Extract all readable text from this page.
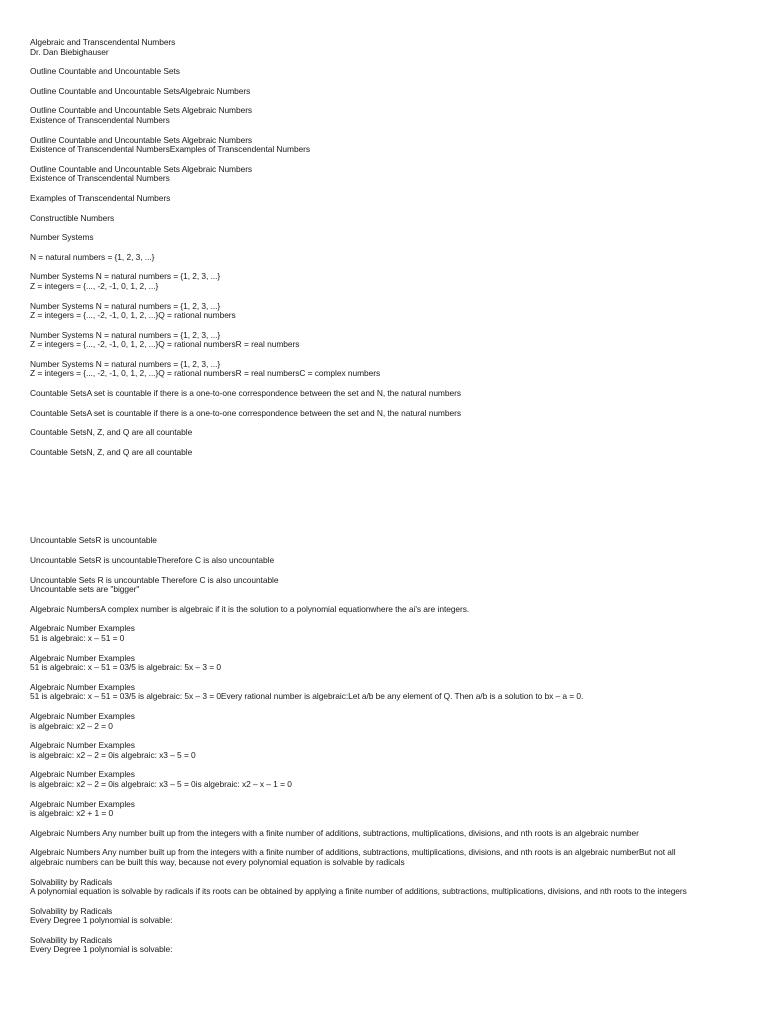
Algebraic and Transcendental Numbers
Dr. Dan Biebighauser
Outline Countable and Uncountable Sets
Outline Countable and Uncountable SetsAlgebraic Numbers
Outline Countable and Uncountable Sets Algebraic Numbers
Existence of Transcendental Numbers
Outline Countable and Uncountable Sets Algebraic Numbers
Existence of Transcendental NumbersExamples of Transcendental Numbers
Outline Countable and Uncountable Sets Algebraic Numbers
Existence of Transcendental Numbers
Examples of Transcendental Numbers
Constructible Numbers
Number Systems
N = natural numbers = {1, 2, 3, ...}
Number Systems N = natural numbers = {1, 2, 3, ...}
Z = integers = {..., -2, -1, 0, 1, 2, ...}
Number Systems N = natural numbers = {1, 2, 3, ...}
Z = integers = {..., -2, -1, 0, 1, 2, ...}Q = rational numbers
Number Systems N = natural numbers = {1, 2, 3, ...}
Z = integers = {..., -2, -1, 0, 1, 2, ...}Q = rational numbersR = real numbers
Number Systems N = natural numbers = {1, 2, 3, ...}
Z = integers = {..., -2, -1, 0, 1, 2, ...}Q = rational numbersR = real numbersC = complex numbers
Countable SetsA set is countable if there is a one-to-one correspondence between the set and N, the natural numbers
Countable SetsA set is countable if there is a one-to-one correspondence between the set and N, the natural numbers
Countable SetsN, Z, and Q are all countable
Countable SetsN, Z, and Q are all countable
Uncountable SetsR is uncountable
Uncountable SetsR is uncountableTherefore C is also uncountable
Uncountable Sets R is uncountable Therefore C is also uncountable
Uncountable sets are "bigger"
Algebraic NumbersA complex number is algebraic if it is the solution to a polynomial equationwhere the ai's are integers.
Algebraic Number Examples
51 is algebraic: x – 51 = 0
Algebraic Number Examples
51 is algebraic: x – 51 = 03/5 is algebraic: 5x – 3 = 0
Algebraic Number Examples
51 is algebraic: x – 51 = 03/5 is algebraic: 5x – 3 = 0Every rational number is algebraic:Let a/b be any element of Q. Then a/b is a solution to bx – a = 0.
Algebraic Number Examples
is algebraic: x2 – 2 = 0
Algebraic Number Examples
is algebraic: x2 – 2 = 0is algebraic: x3 – 5 = 0
Algebraic Number Examples
is algebraic: x2 – 2 = 0is algebraic: x3 – 5 = 0is algebraic: x2 – x – 1 = 0
Algebraic Number Examples
is algebraic: x2 + 1 = 0
Algebraic Numbers Any number built up from the integers with a finite number of additions, subtractions, multiplications, divisions, and nth roots is an algebraic number
Algebraic Numbers Any number built up from the integers with a finite number of additions, subtractions, multiplications, divisions, and nth roots is an algebraic numberBut not all
algebraic numbers can be built this way, because not every polynomial equation is solvable by radicals
Solvability by Radicals
A polynomial equation is solvable by radicals if its roots can be obtained by applying a finite number of additions, subtractions, multiplications, divisions, and nth roots to the integers
Solvability by Radicals
Every Degree 1 polynomial is solvable:
Solvability by Radicals
Every Degree 1 polynomial is solvable:
